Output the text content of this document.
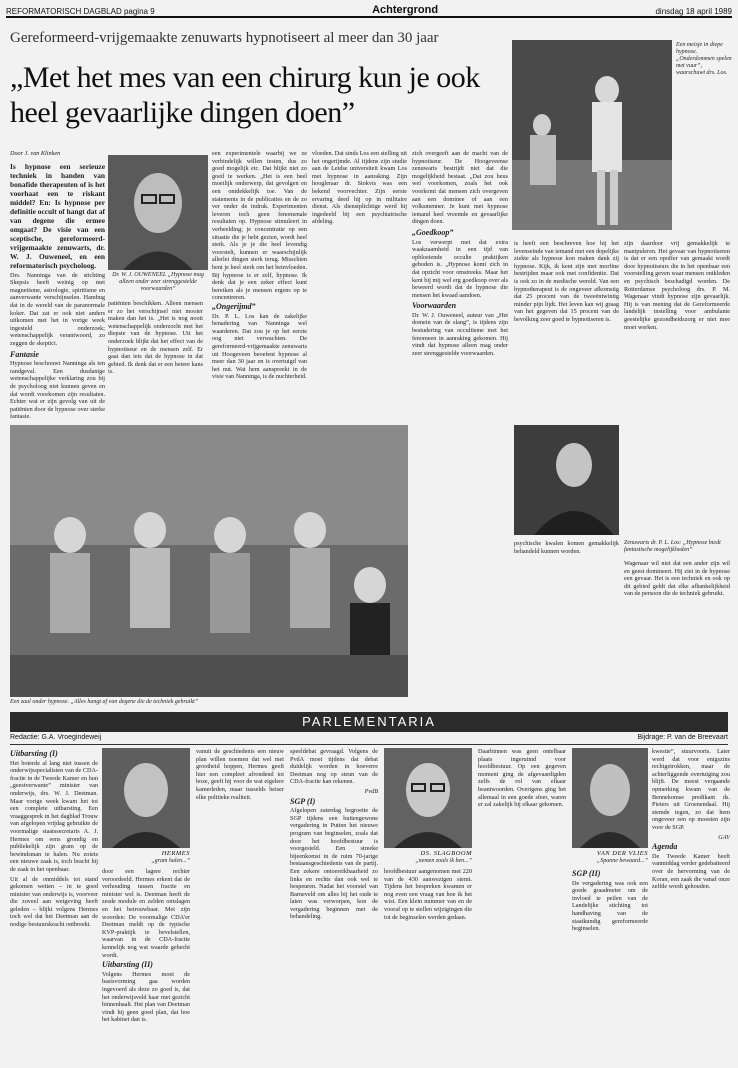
REFORMATORISCH DAGBLAD pagina 9	Achtergrond	dinsdag 18 april 1989
Gereformeerd-vrijgemaakte zenuwarts hypnotiseert al meer dan 30 jaar
„Met het mes van een chirurg kun je ook heel gevaarlijke dingen doen”
Een meisje in diepe hypnose. „Onderdommen spelen met vuur”, waarschuwt drs. Los.

Door J. van Klinken

Is hypnose een serieuze techniek in handen van bonafide therapeuten of is het voorhaat een te riskant middel? En: Is hypnose per definitie occult of hangt dat af van degene die ermee omgaat? De visie van een sceptische, gereformeerd-vrijgemaakte zenuwarts, dr. W. J. Ouweneel, en een reformatorisch psycholoog.

Drs. Nanninga van de stichting Skepsis heeft weinig op met magnetisme, astrologie, spiritisme en aanverwante verschijnselen. Hambug dat in de wereld van de paranormale koker. Dat zat er ook niet anders uitkomen met het in vorige week ingesteld onderzoek; wetenschappelijk verantwoord, zo zeggen de skeptici.

Fantasie

Hypnose beschouwt Nanninga als ten randgeval. Een dusdanige wetenschappelijke verklaring zou bij de psycholoog niet kunnen geven en dat wordt voorkomen zijn resultaten. Echter wat er zijn gevolg van uit de patiënten door de hypnose over sterke fantasie.

Dr. W. J. OUWENEEL „Hypnose mag alleen onder zeer strenggestelde voorwaarden”

een experimentele waarbij we ze verbindelijk willen testen, dus zo goed mogelijk etc. Dat blijkt niet zo goed te werken. „Het is een heel moeilijk onderwerp, dat gevolgen en een ontdekkelijk toe. Van de statements in de publicaties en de zo ver onder de indruk. Experimenten leveren toch geen fenomenale resultaten op. Hypnose stimuleert in verbeelding; je concentratie op een situatie die je hebt gezien, wordt heel sterk. Als je je die heel levendig voorstelt, kunnen er waarschijnlijk allerlei dingen sterk terug. Misschien bent je heel sterk om het beinvloeden. Bij hypnose is er zelf, hypnose. Ik denk dat je een zeker effect kunt bereiken als je mensen ergens op te concentreren.

patiënten beschikken. Alleen mensen er zo het verschijnsel niet mooier maken dan het is. „Het is nog nooit wetenschappelijk onderzocht met het diepste van de hypnose. Uit het onderzoek blijkt dat het effect van de hypnotiseur en de mensen zelf. Er gaat dan iets dat de hypnose in dat gebied. Ik denk dat er een betere kans is.

„Ongerijmd”

Dr. P. L. Los kan de zakelijke benadering van Nanninga wel waarderen. Dat zou je op het eerste oog niet verwachten. De gereformeerd-vrijgemaakte zenuwarts uit Hoogeveen beoefent hypnose al meer dan 30 jaar en is overtuigd van het nut. Wat hem aanspreekt in de visie van Nanninga, is de nuchterheid.

vloeden. Dat sinds Los een stelling uit het ongerijmde. Al tijdens zijn studie aan de Leidse universiteit kwam Los met hypnose in aanraking. Zijn hoogleraar dr. Stokvis was een bekend voorvechter. Zijn eerste ervaring deed hij op in militaire dienst. Als dienstplichtige werd hij ingedeeld bij een psychiatrische afdeling.

zich overgeeft aan de macht van de hypnotiseur. De Hoogeveense zenuwarts bestrijdt niet dat die mogelijkheid bestaat. „Dat zou heus wel voorkomen, zoals het ook voorkomt dat mensen zich overgeven aan een dominee of aan een volksmenner. Je kunt met hypnose iemand heel vreemde en gevaarlijke dingen doen.

„Goedkoop”

Los verwerpt met dat extra waakzaamheid in een tijd van opbloeiende occulte praktijken geboden is. „Hypnose komt zich in dat opzicht voor omstreeks. Maar het kent bij mij wel erg goedkoop over als beweerd wordt dat de hypnose die mensen het kwaad aandoen.

Voorwaarden

Dr. W. J. Ouweneel, auteur van „Het domein van de slang”, is tijdens zijn bestudering van occultisme met het fenomeen in aanraking gekomen. Hij vindt dat hypnose alleen mag onder zeer strenggestelde voorwaarden.

is heeft een beschreven hoe hij het levenseinde van iemand met een dopelijke ziekte als hypnose kon maken dank zij hypnose. Kijk, ik kent zijn met morfine bestrijden maar ook met confidentie. Dat is ook zo in de medische wereld. Van een hypnotherapeut is de ongeveer afkomstig dat 25 procent van de tweeëntwintig minder pijn lijdt. Het leven kan wij graag van het gegeven dat 15 procent van de bevolking zeer goed te hypnotiseren is.

zijn daardoor vrij gemakkelijk te manipuleren. Het gevaar van hypnotiseren is dat er een opoffer van gemaakt wordt door hypnotiseurs die in het openbaar een voorstelling geven waar mensen ontkleden en psychisch beschadigd worden. De Rotterdamse psycholoog drs. P. M. Wagenaar vindt hypnose zijn gevaarlijk. Hij is van mening dat de Gereformeerde landelijk instelling voor ambulante geestelijke gezondheidszorg er niet mee moet werken.

Zenuwarts dr. P. L. Los: „Hypnose biedt fantastische mogelijkheden”

psychische kwalen komen gemakkelijk behandeld kunnen worden.

Wagenaar wil niet dat een ander zijn wil en geest domineert. Hij ziet in de hypnose een gevaar. Het is een techniek en ook op dit gebied geldt dat elke afhankelijkheid van de persoon die de techniek gebruikt.

Een zaal onder hypnose. „Alles hangt af van degene die de techniek gebruikt”
PARLEMENTARIA
Redactie: G.A. Vroegindeweij	Bijdrage: P. van de Breevaart
Uitbarsting (I)

Het boterde al lang niet tussen de onderwijsspecialisten van de CDA-fractie in de Tweede Kamer en hun „geestverwante” minister van onderwijs, drs. W. J. Deetman. Maar vorige week kwam het tot een complete uitbarsting. Een vraaggesprek in het dagblad Trouw van afgelopen vrijdag gebruikte de voormalige staatssecretaris A. J. Hermes om eens grondig en publiekelijk zijn gram op de bewindsman te halen. Nu zoiets een nieuwe zaak is, toch bracht hij de zaak in het openbaar.

Uit al de onmiddels tot stand gekomen wetten – in te goed minister van onderwijs is, voorveer die zoveel aan wetgeving heeft geleden – blijkt volgens Hermes toch wel dat het Deetman aan de nodige bestuurskracht ontbreekt.

HERMES
„gram halen...”

door een lagere rechter veroordeeld. Hermes erkent dat de verhouding tussen fractie en minister wel is. Deetman heeft de zesde module en zelden ontslagen en het betrouwbaar. Met zijn woorden: De voormalige CDA'er Deetman meldt op de typische KVP-praktijk te bevelstellen, waarvan in de CDA-fractie kennelijk nog wat waarde gehecht wordt.

Uitbarsting (II)

Volgens Hermes moet de basisvorming gaa worden ingevoerd als deze zo goed is, dat het onderwijsveld haar met gezicht binnenhaalt. Het plan van Deetman vindt hij geen goed plan, dat hoe het kabinet dan is.

vanuit de geschiedenis een nieuw plan willen noemen dat wel met grootheid hoppen, Hermes geeft hier een compleet afrondend tot boze, geeft hij voor de wat eigelere kamerleden, maar tusselds beiser elke politieke realiteit.

speeldebat gevraagd. Volgens de PvdA moet tijdens dat debat duidelijk worden in hoeverre Deetman nog op steun van de CDA-fractie kan rekenen.

PvdB

SGP (I)

Afgelopen zaterdag begroette de SGP tijdens een buitengewone vergadering in Putten het nieuwe program van beginselen, zoals dat door het hoofdbestuur is voorgesteld. Een streeke bijeenkomst in de ruim 70-jarige bestaansgeschiedenis van de partij. Een zekere ontoereikbaarheid zo links en rechts dan ook wel te bespeuren. Nadat het voorstel van Barneveld om alles bij het oude te laten was verworpen, kon de vergadering beginnen met de behandeling.

DS. SLAGBOOM
„nemen zoals ik ben...”

hoofdbestuur aangenomen met 220 van de 430 aanwezigen stemt. Tijdens het bespreken kwamen er nog even een vraag van hoe ik het wist. Een klein nummer van en de vooraf op te stellen wijzigingen die tot de beginselen werden gedaan.

Daarbinnen was geen ontelbaar plaats ingeruimd voor hoofdbestuur. Op een gegeven moment ging de afgevaardigden zelfs de rol van elkaar beantwoorden. Overigens ging het allemaal in een goede sfeer, waren er zal zakelijk bij elkaar gekomen.

VAN DER VLIES
„Spanne bewaard...”
SGP (II)

De vergadering was ook een goede graadmeter om de invloed te peilen van de Landelijke stichting tot handhaving van de staatkundig gereformeerde beginselen.

kwestie”, stuurvoorts. Later werd dat voor enigszins rechtgetrokken, maar de achterliggende overtuiging zou blijft. De meest vergaande opmerking kwam van de Bennekomse predikant ds. Pieters uit Groenendaal. Hij stemde tegen, zo dat hem ongeveer een op moesten zijn voor de SGP.

GAV

Agenda

De Tweede Kamer heeft vanmiddag verder gedebatteerd over de hervorming van de Koran, een zaak die vanaf onze zelfde wordt gehouden.
